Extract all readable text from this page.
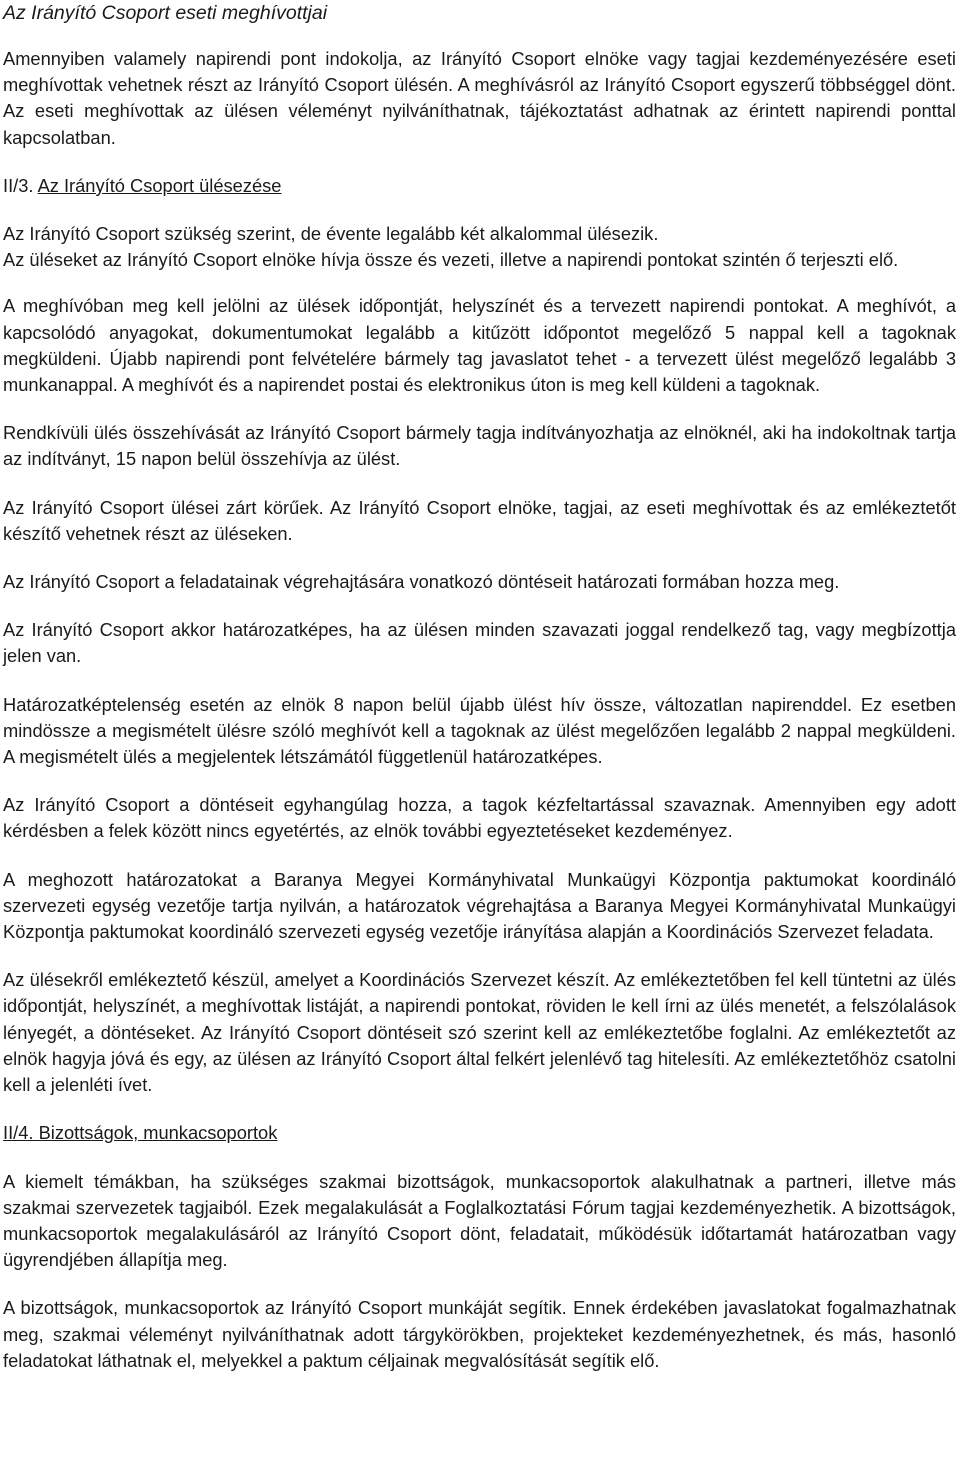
Az Irányító Csoport eseti meghívottjai

Amennyiben valamely napirendi pont indokolja, az Irányító Csoport elnöke vagy tagjai kezdeményezésére eseti meghívottak vehetnek részt az Irányító Csoport ülésén. A meghívásról az Irányító Csoport egyszerű többséggel dönt. Az eseti meghívottak az ülésen véleményt nyilváníthatnak, tájékoztatást adhatnak az érintett napirendi ponttal kapcsolatban.

II/3. Az Irányító Csoport ülésezése

Az Irányító Csoport szükség szerint, de évente legalább két alkalommal ülésezik.

Az üléseket az Irányító Csoport elnöke hívja össze és vezeti, illetve a napirendi pontokat szintén ő terjeszti elő.

A meghívóban meg kell jelölni az ülések időpontját, helyszínét és a tervezett napirendi pontokat. A meghívót, a kapcsolódó anyagokat, dokumentumokat legalább a kitűzött időpontot megelőző 5 nappal kell a tagoknak megküldeni. Újabb napirendi pont felvételére bármely tag javaslatot tehet - a tervezett ülést megelőző legalább 3 munkanappal. A meghívót és a napirendet postai és elektronikus úton is meg kell küldeni a tagoknak.

Rendkívüli ülés összehívását az Irányító Csoport bármely tagja indítványozhatja az elnöknél, aki ha indokoltnak tartja az indítványt, 15 napon belül összehívja az ülést.

Az Irányító Csoport ülései zárt körűek. Az Irányító Csoport elnöke, tagjai, az eseti meghívottak és az emlékeztetőt készítő vehetnek részt az üléseken.

Az Irányító Csoport a feladatainak végrehajtására vonatkozó döntéseit határozati formában hozza meg.

Az Irányító Csoport akkor határozatképes, ha az ülésen minden szavazati joggal rendelkező tag, vagy megbízottja jelen van.

Határozatképtelenség esetén az elnök 8 napon belül újabb ülést hív össze, változatlan napirenddel. Ez esetben mindössze a megismételt ülésre szóló meghívót kell a tagoknak az ülést megelőzően legalább 2 nappal megküldeni. A megismételt ülés a megjelentek létszámától függetlenül határozatképes.

Az Irányító Csoport a döntéseit egyhangúlag hozza, a tagok kézfeltartással szavaznak. Amennyiben egy adott kérdésben a felek között nincs egyetértés, az elnök további egyeztetéseket kezdeményez.

A meghozott határozatokat a Baranya Megyei Kormányhivatal Munkaügyi Központja paktumokat koordináló szervezeti egység vezetője tartja nyilván, a határozatok végrehajtása a Baranya Megyei Kormányhivatal Munkaügyi Központja paktumokat koordináló szervezeti egység vezetője irányítása alapján a Koordinációs Szervezet feladata.

Az ülésekről emlékeztető készül, amelyet a Koordinációs Szervezet készít. Az emlékeztetőben fel kell tüntetni az ülés időpontját, helyszínét, a meghívottak listáját, a napirendi pontokat, röviden le kell írni az ülés menetét, a felszólalások lényegét, a döntéseket. Az Irányító Csoport döntéseit szó szerint kell az emlékeztetőbe foglalni. Az emlékeztetőt az elnök hagyja jóvá és egy, az ülésen az Irányító Csoport által felkért jelenlévő tag hitelesíti. Az emlékeztetőhöz csatolni kell a jelenléti ívet.

II/4. Bizottságok, munkacsoportok

A kiemelt témákban, ha szükséges szakmai bizottságok, munkacsoportok alakulhatnak a partneri, illetve más szakmai szervezetek tagjaiból. Ezek megalakulását a Foglalkoztatási Fórum tagjai kezdeményezhetik. A bizottságok, munkacsoportok megalakulásáról az Irányító Csoport dönt, feladatait, működésük időtartamát határozatban vagy ügyrendjében állapítja meg.

A bizottságok, munkacsoportok az Irányító Csoport munkáját segítik. Ennek érdekében javaslatokat fogalmazhatnak meg, szakmai véleményt nyilváníthatnak adott tárgykörökben, projekteket kezdeményezhetnek, és más, hasonló feladatokat láthatnak el, melyekkel a paktum céljainak megvalósítását segítik elő.
